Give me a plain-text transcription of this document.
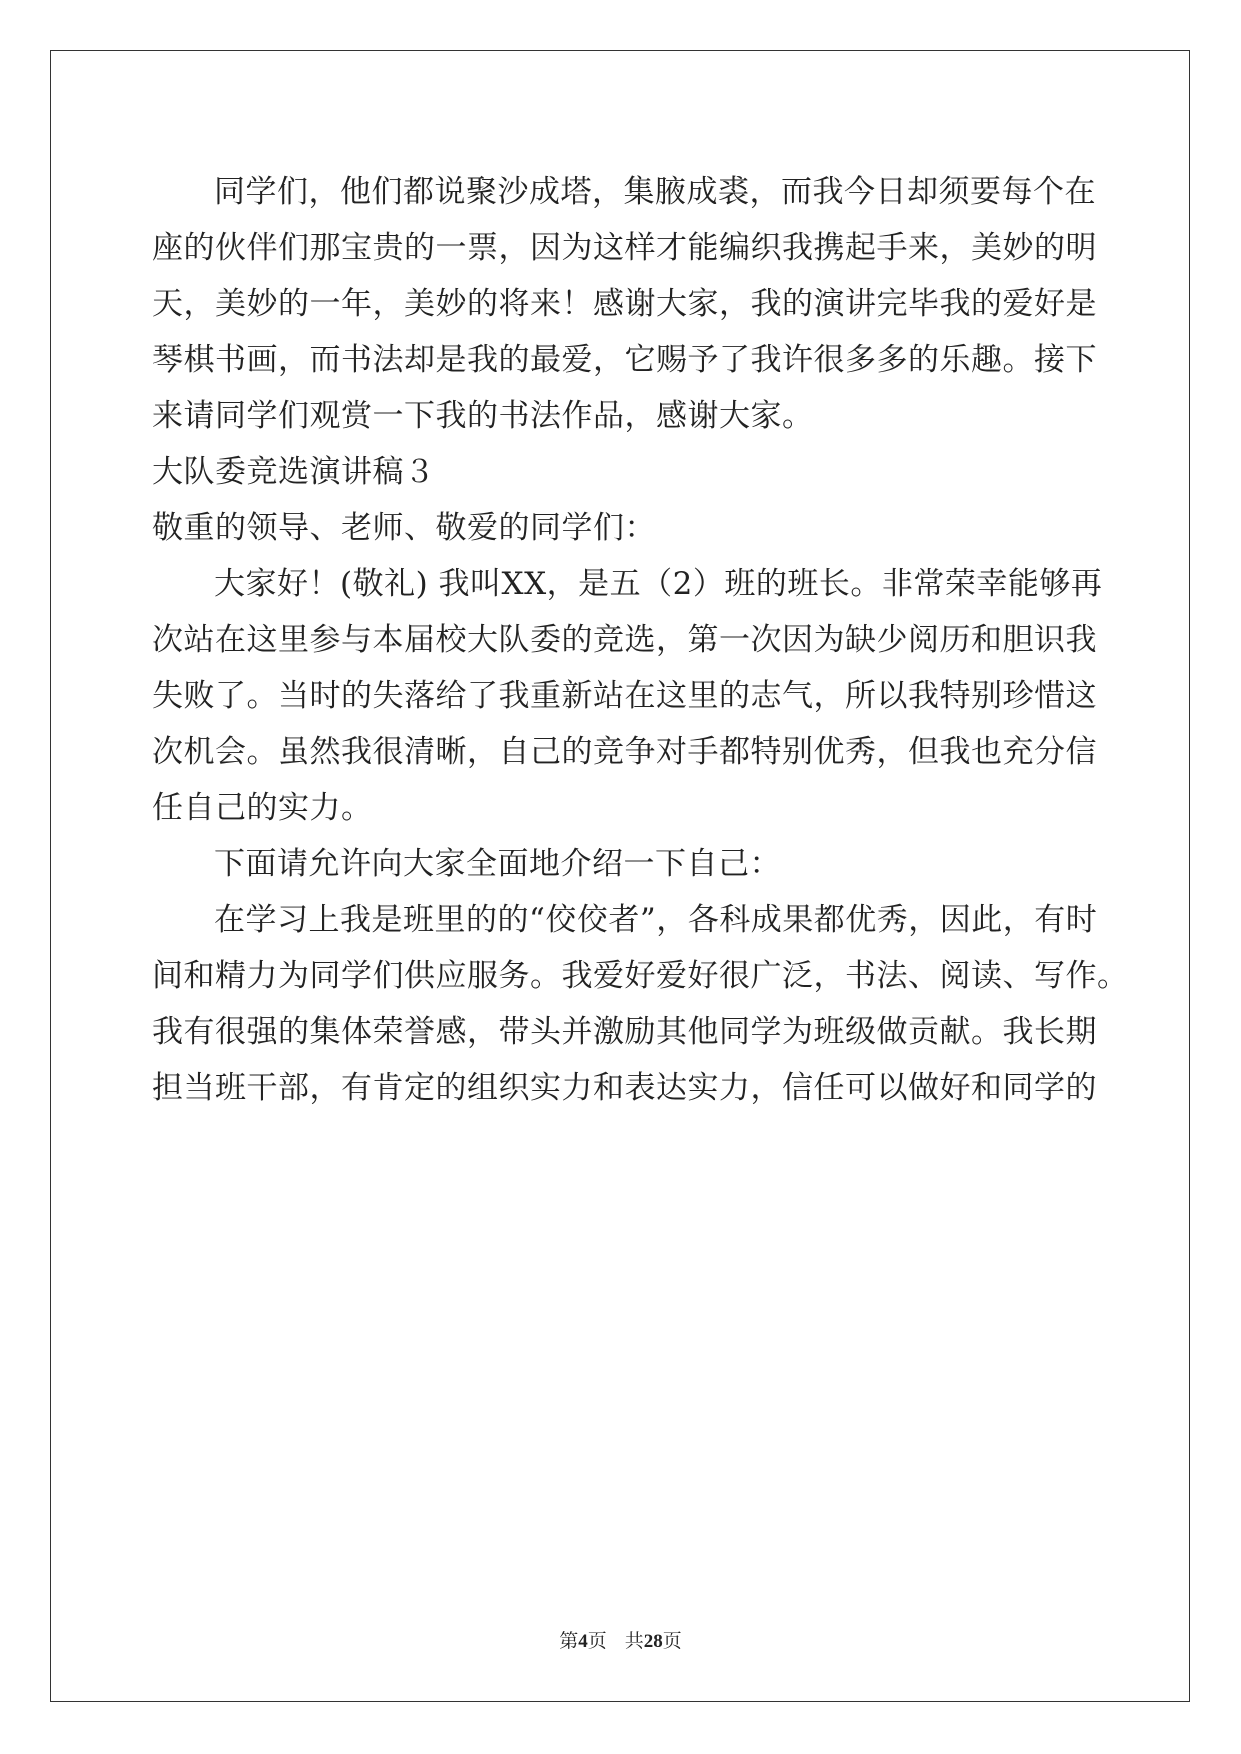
同学们，他们都说聚沙成塔，集腋成裘，而我今日却须要每个在
座的伙伴们那宝贵的一票，因为这样才能编织我携起手来，美妙的明
天，美妙的一年，美妙的将来！感谢大家，我的演讲完毕我的爱好是
琴棋书画，而书法却是我的最爱，它赐予了我许很多多的乐趣。接下
来请同学们观赏一下我的书法作品，感谢大家。
大队委竞选演讲稿３
敬重的领导、老师、敬爱的同学们：
大家好！(敬礼) 我叫XX，是五（2）班的班长。非常荣幸能够再
次站在这里参与本届校大队委的竞选，第一次因为缺少阅历和胆识我
失败了。当时的失落给了我重新站在这里的志气，所以我特别珍惜这
次机会。虽然我很清晰，自己的竞争对手都特别优秀，但我也充分信
任自己的实力。
下面请允许向大家全面地介绍一下自己：
在学习上我是班里的的“佼佼者”，各科成果都优秀，因此，有时
间和精力为同学们供应服务。我爱好爱好很广泛，书法、阅读、写作。
我有很强的集体荣誉感，带头并激励其他同学为班级做贡献。我长期
担当班干部，有肯定的组织实力和表达实力，信任可以做好和同学的
第4页 共28页
